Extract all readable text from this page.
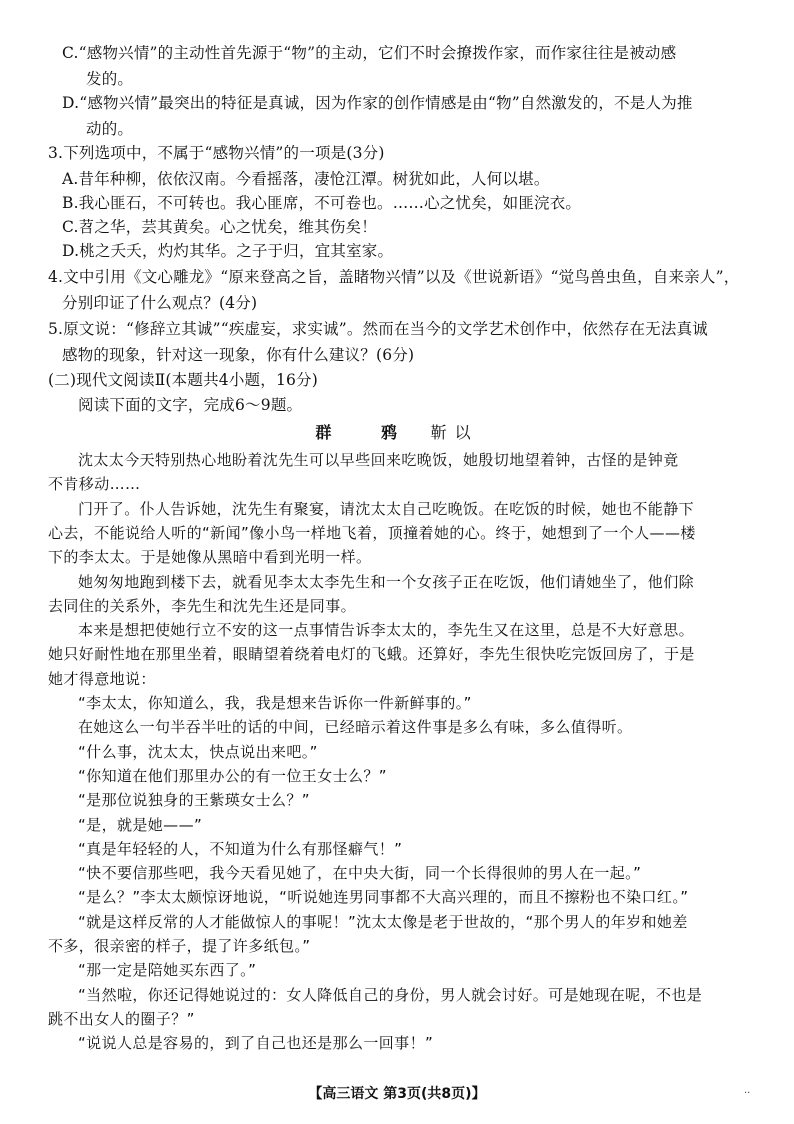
C.“感物兴情”的主动性首先源于“物”的主动，它们不时会撩拨作家，而作家往往是被动感
发的。
D.“感物兴情”最突出的特征是真诚，因为作家的创作情感是由“物”自然激发的，不是人为推
动的。
3.下列选项中，不属于“感物兴情”的一项是(3分)
A.昔年种柳，依依汉南。今看摇落，凄怆江潭。树犹如此，人何以堪。
B.我心匪石，不可转也。我心匪席，不可卷也。……心之忧矣，如匪浣衣。
C.苕之华，芸其黄矣。心之忧矣，维其伤矣！
D.桃之夭夭，灼灼其华。之子于归，宜其室家。
4.文中引用《文心雕龙》“原来登高之旨，盖睹物兴情”以及《世说新语》“觉鸟兽虫鱼，自来亲人”，
分别印证了什么观点？(4分)
5.原文说：“修辞立其诚”“疾虚妄，求实诚”。然而在当今的文学艺术创作中，依然存在无法真诚
感物的现象，针对这一现象，你有什么建议？(6分)
(二)现代文阅读Ⅱ(本题共4小题，16分)
阅读下面的文字，完成6～9题。
群 鸦 靳以
沈太太今天特别热心地盼着沈先生可以早些回来吃晚饭，她殷切地望着钟，古怪的是钟竟
不肯移动……
门开了。仆人告诉她，沈先生有聚宴，请沈太太自己吃晚饭。在吃饭的时候，她也不能静下
心去，不能说给人听的“新闻”像小鸟一样地飞着，顶撞着她的心。终于，她想到了一个人——楼
下的李太太。于是她像从黑暗中看到光明一样。
她匆匆地跑到楼下去，就看见李太太李先生和一个女孩子正在吃饭，他们请她坐了，他们除
去同住的关系外，李先生和沈先生还是同事。
本来是想把使她行立不安的这一点事情告诉李太太的，李先生又在这里，总是不大好意思。
她只好耐性地在那里坐着，眼睛望着绕着电灯的飞蛾。还算好，李先生很快吃完饭回房了，于是
她才得意地说：
“李太太，你知道么，我，我是想来告诉你一件新鲜事的。”
在她这么一句半吞半吐的话的中间，已经暗示着这件事是多么有味，多么值得听。
“什么事，沈太太，快点说出来吧。”
“你知道在他们那里办公的有一位王女士么？”
“是那位说独身的王紫瑛女士么？”
“是，就是她——”
“真是年轻轻的人，不知道为什么有那怪癖气！”
“快不要信那些吧，我今天看见她了，在中央大街，同一个长得很帅的男人在一起。”
“是么？”李太太颇惊讶地说，“听说她连男同事都不大高兴理的，而且不擦粉也不染口红。”
“就是这样反常的人才能做惊人的事呢！”沈太太像是老于世故的，“那个男人的年岁和她差
不多，很亲密的样子，提了许多纸包。”
“那一定是陪她买东西了。”
“当然啦，你还记得她说过的：女人降低自己的身份，男人就会讨好。可是她现在呢，不也是
跳不出女人的圈子？”
“说说人总是容易的，到了自己也还是那么一回事！”
【高三语文 第3页(共8页)】	··
